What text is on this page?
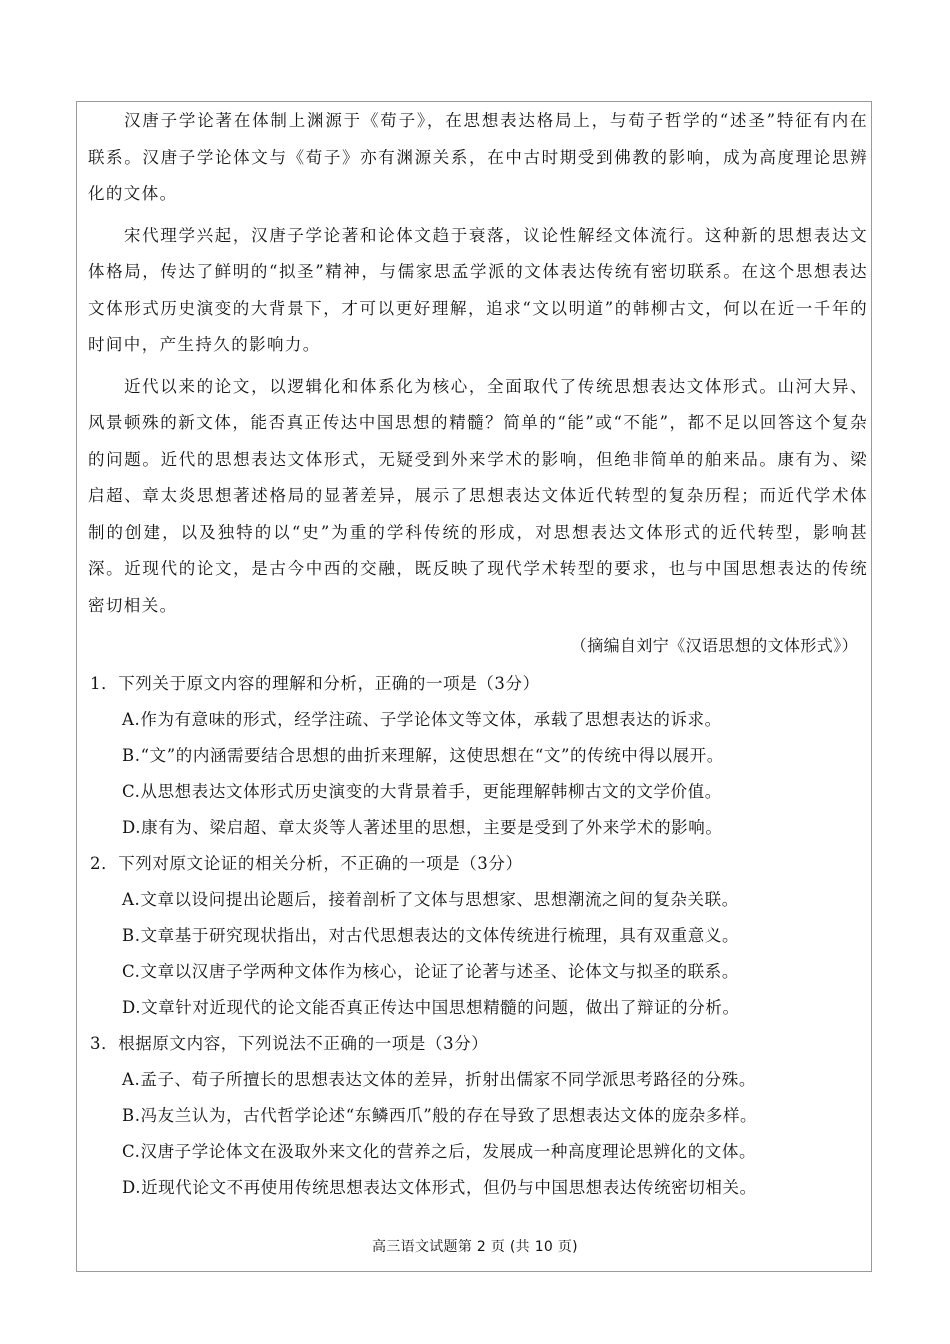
汉唐子学论著在体制上渊源于《荀子》，在思想表达格局上，与荀子哲学的“述圣”特征有内在联系。汉唐子学论体文与《荀子》亦有渊源关系，在中古时期受到佛教的影响，成为高度理论思辨化的文体。

宋代理学兴起，汉唐子学论著和论体文趋于衰落，议论性解经文体流行。这种新的思想表达文体格局，传达了鲜明的“拟圣”精神，与儒家思孟学派的文体表达传统有密切联系。在这个思想表达文体形式历史演变的大背景下，才可以更好理解，追求“文以明道”的韩柳古文，何以在近一千年的时间中，产生持久的影响力。

近代以来的论文，以逻辑化和体系化为核心，全面取代了传统思想表达文体形式。山河大异、风景顿殊的新文体，能否真正传达中国思想的精髓？简单的“能”或“不能”，都不足以回答这个复杂的问题。近代的思想表达文体形式，无疑受到外来学术的影响，但绝非简单的舶来品。康有为、梁启超、章太炎思想著述格局的显著差异，展示了思想表达文体近代转型的复杂历程；而近代学术体制的创建，以及独特的以“史”为重的学科传统的形成，对思想表达文体形式的近代转型，影响甚深。近现代的论文，是古今中西的交融，既反映了现代学术转型的要求，也与中国思想表达的传统密切相关。

（摘编自刘宁《汉语思想的文体形式》）

1．下列关于原文内容的理解和分析，正确的一项是（3分）

A.作为有意味的形式，经学注疏、子学论体文等文体，承载了思想表达的诉求。

B.“文”的内涵需要结合思想的曲折来理解，这使思想在“文”的传统中得以展开。

C.从思想表达文体形式历史演变的大背景着手，更能理解韩柳古文的文学价值。

D.康有为、梁启超、章太炎等人著述里的思想，主要是受到了外来学术的影响。

2．下列对原文论证的相关分析，不正确的一项是（3分）

A.文章以设问提出论题后，接着剖析了文体与思想家、思想潮流之间的复杂关联。

B.文章基于研究现状指出，对古代思想表达的文体传统进行梳理，具有双重意义。

C.文章以汉唐子学两种文体作为核心，论证了论著与述圣、论体文与拟圣的联系。

D.文章针对近现代的论文能否真正传达中国思想精髓的问题，做出了辩证的分析。

3．根据原文内容，下列说法不正确的一项是（3分）

A.孟子、荀子所擅长的思想表达文体的差异，折射出儒家不同学派思考路径的分殊。

B.冯友兰认为，古代哲学论述“东鳞西爪”般的存在导致了思想表达文体的庞杂多样。

C.汉唐子学论体文在汲取外来文化的营养之后，发展成一种高度理论思辨化的文体。

D.近现代论文不再使用传统思想表达文体形式，但仍与中国思想表达传统密切相关。

高三语文试题第 2 页 (共 10 页)
